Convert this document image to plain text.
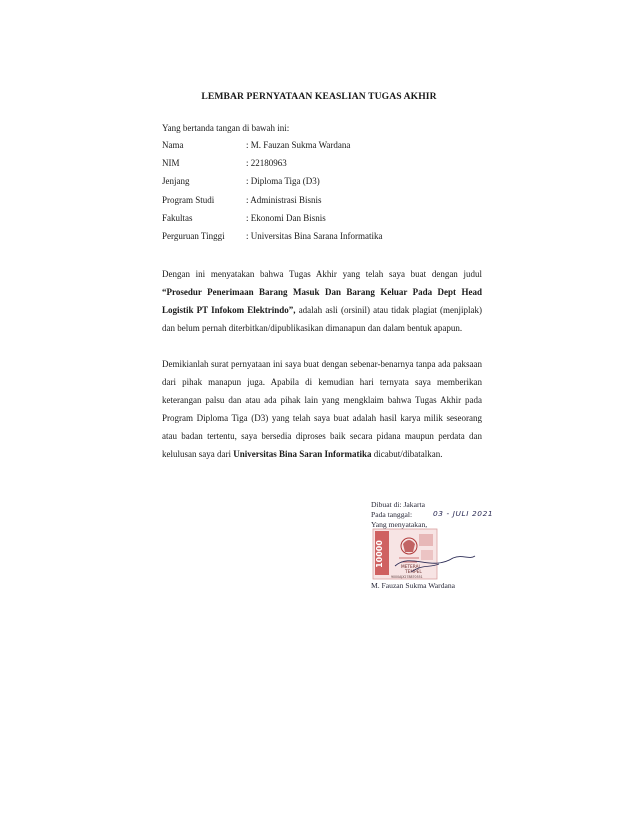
LEMBAR PERNYATAAN KEASLIAN TUGAS AKHIR
Yang bertanda tangan di bawah ini:
Nama	: M. Fauzan Sukma Wardana
NIM	: 22180963
Jenjang	: Diploma Tiga (D3)
Program Studi	: Administrasi Bisnis
Fakultas	: Ekonomi Dan Bisnis
Perguruan Tinggi : Universitas Bina Sarana Informatika
Dengan ini menyatakan bahwa Tugas Akhir yang telah saya buat dengan judul “Prosedur Penerimaan Barang Masuk Dan Barang Keluar Pada Dept Head Logistik PT Infokom Elektrindo”, adalah asli (orsinil) atau tidak plagiat (menjiplak) dan belum pernah diterbitkan/dipublikasikan dimanapun dan dalam bentuk apapun.
Demikianlah surat pernyataan ini saya buat dengan sebenar-benarnya tanpa ada paksaan dari pihak manapun juga. Apabila di kemudian hari ternyata saya memberikan keterangan palsu dan atau ada pihak lain yang mengklaim bahwa Tugas Akhir pada Program Diploma Tiga (D3) yang telah saya buat adalah hasil karya milik seseorang atau badan tertentu, saya bersedia diproses baik secara pidana maupun perdata dan kelulusan saya dari Universitas Bina Saran Informatika dicabut/dibatalkan.
Dibuat di: Jakarta
Pada tanggal:	03 - JULI 2021
Yang menyatakan,
10000	METERAI
TEMPEL
9000AJX278870551
M. Fauzan Sukma Wardana
